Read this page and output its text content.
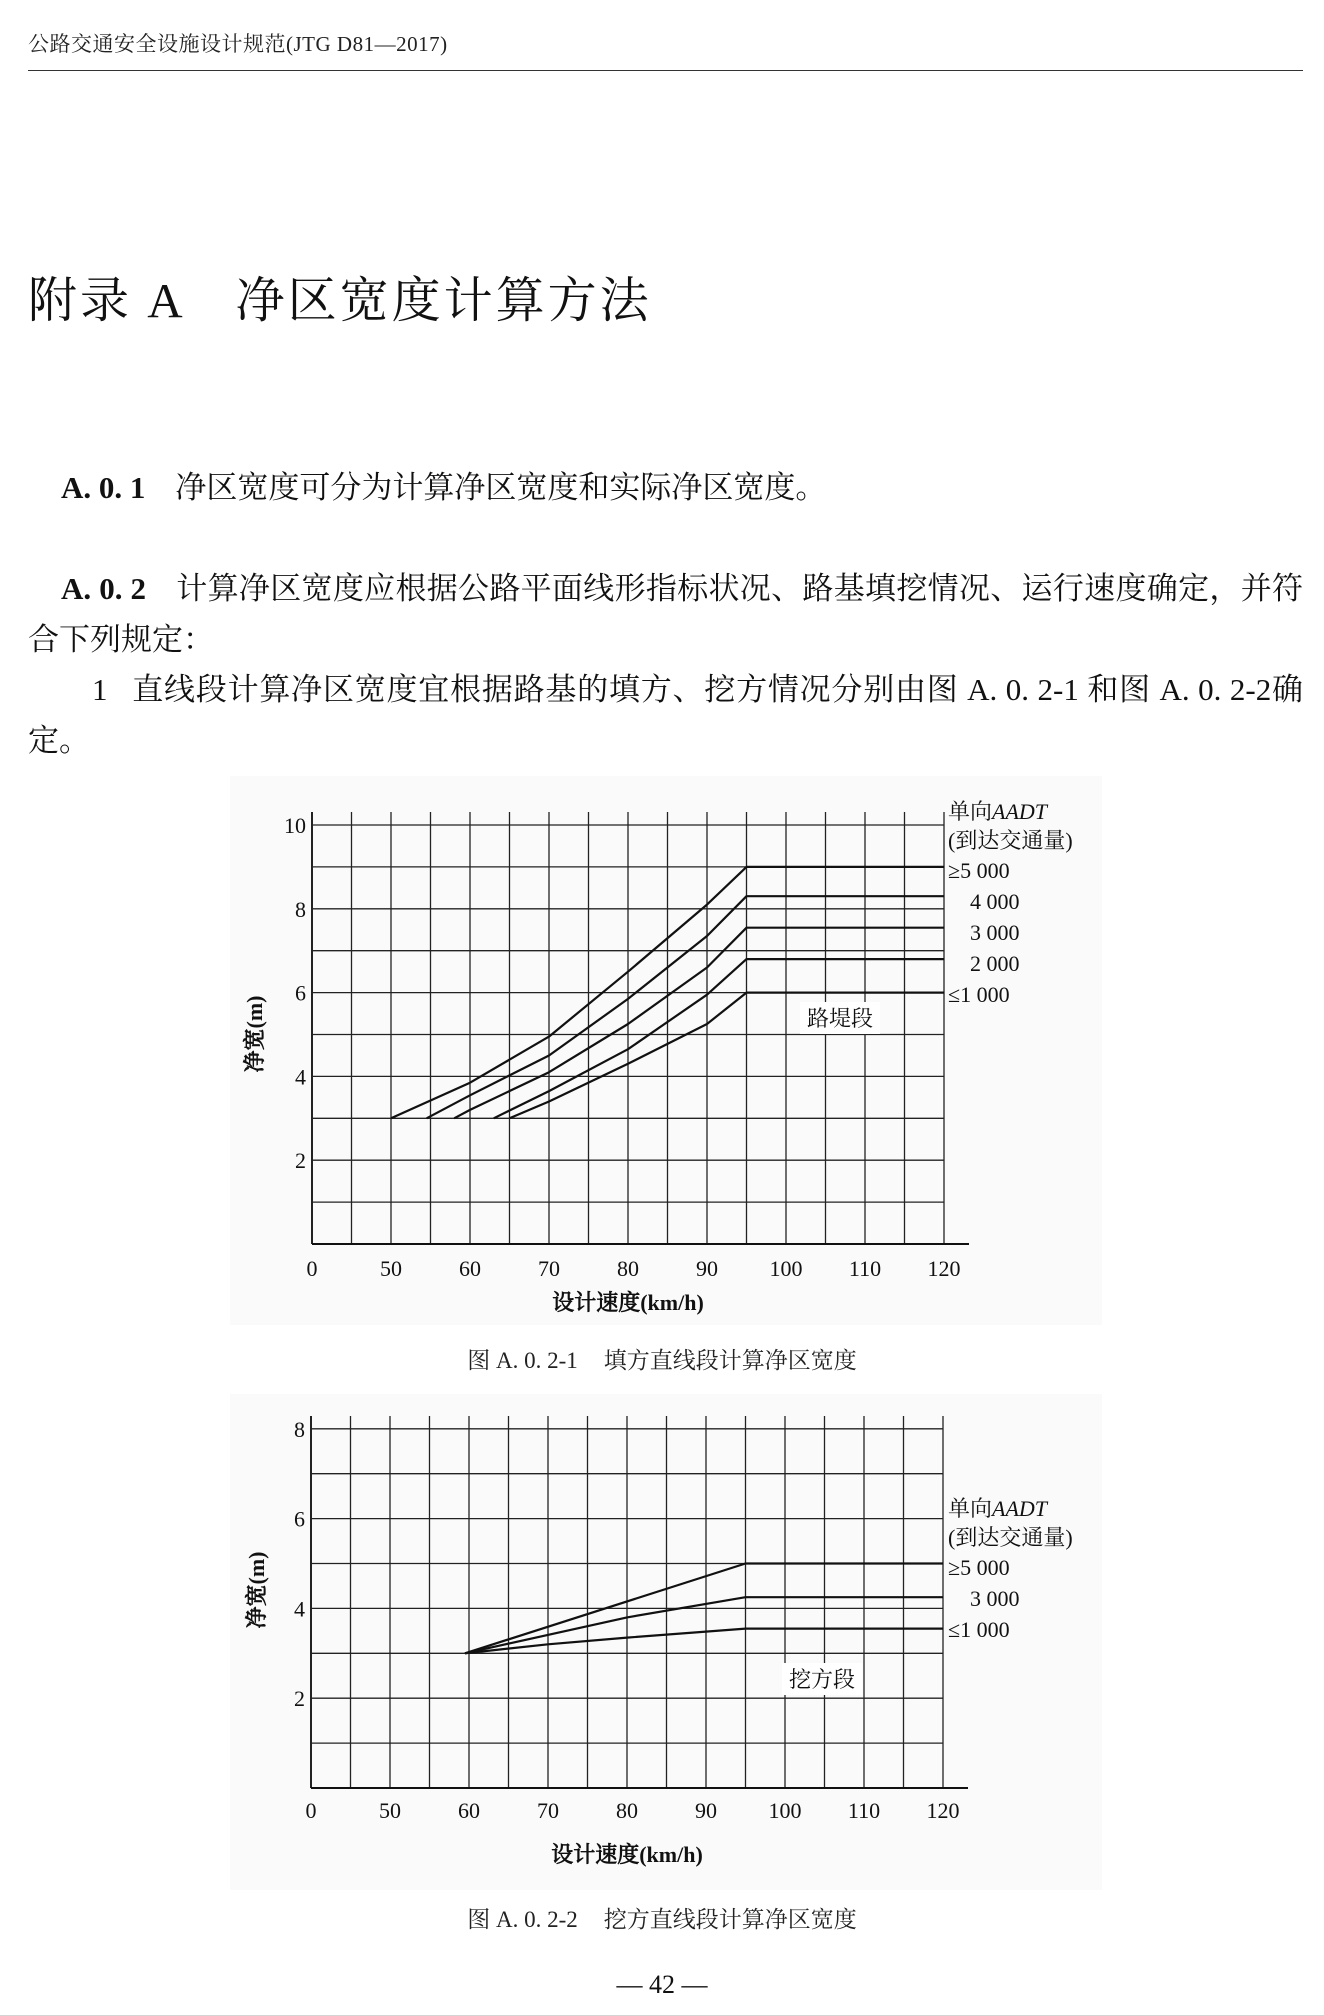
公路交通安全设施设计规范(JTG D81—2017)
附录 A 净区宽度计算方法
A. 0. 1 净区宽度可分为计算净区宽度和实际净区宽度。
A. 0. 2 计算净区宽度应根据公路平面线形指标状况、路基填挖情况、运行速度确定，并符合下列规定：
1 直线段计算净区宽度宜根据路基的填方、挖方情况分别由图 A. 0. 2-1 和图 A. 0. 2-2确定。
0	50	60	70	80	90 100 110 120
2
4
6
8
10
设计速度(km/h)
净宽(m)
≥5 000
4 000
3 000
2 000
≤1 000
单向AADT
(到达交通量)
路堤段
0	50	60	70	80	90 100 110 120
2
4
6
8
设计速度(km/h)
净宽(m)	≥5 000
3 000
≤1 000
单向AADT
(到达交通量)
挖方段
图 A. 0. 2-1 填方直线段计算净区宽度
图 A. 0. 2-2 挖方直线段计算净区宽度
— 42 —
